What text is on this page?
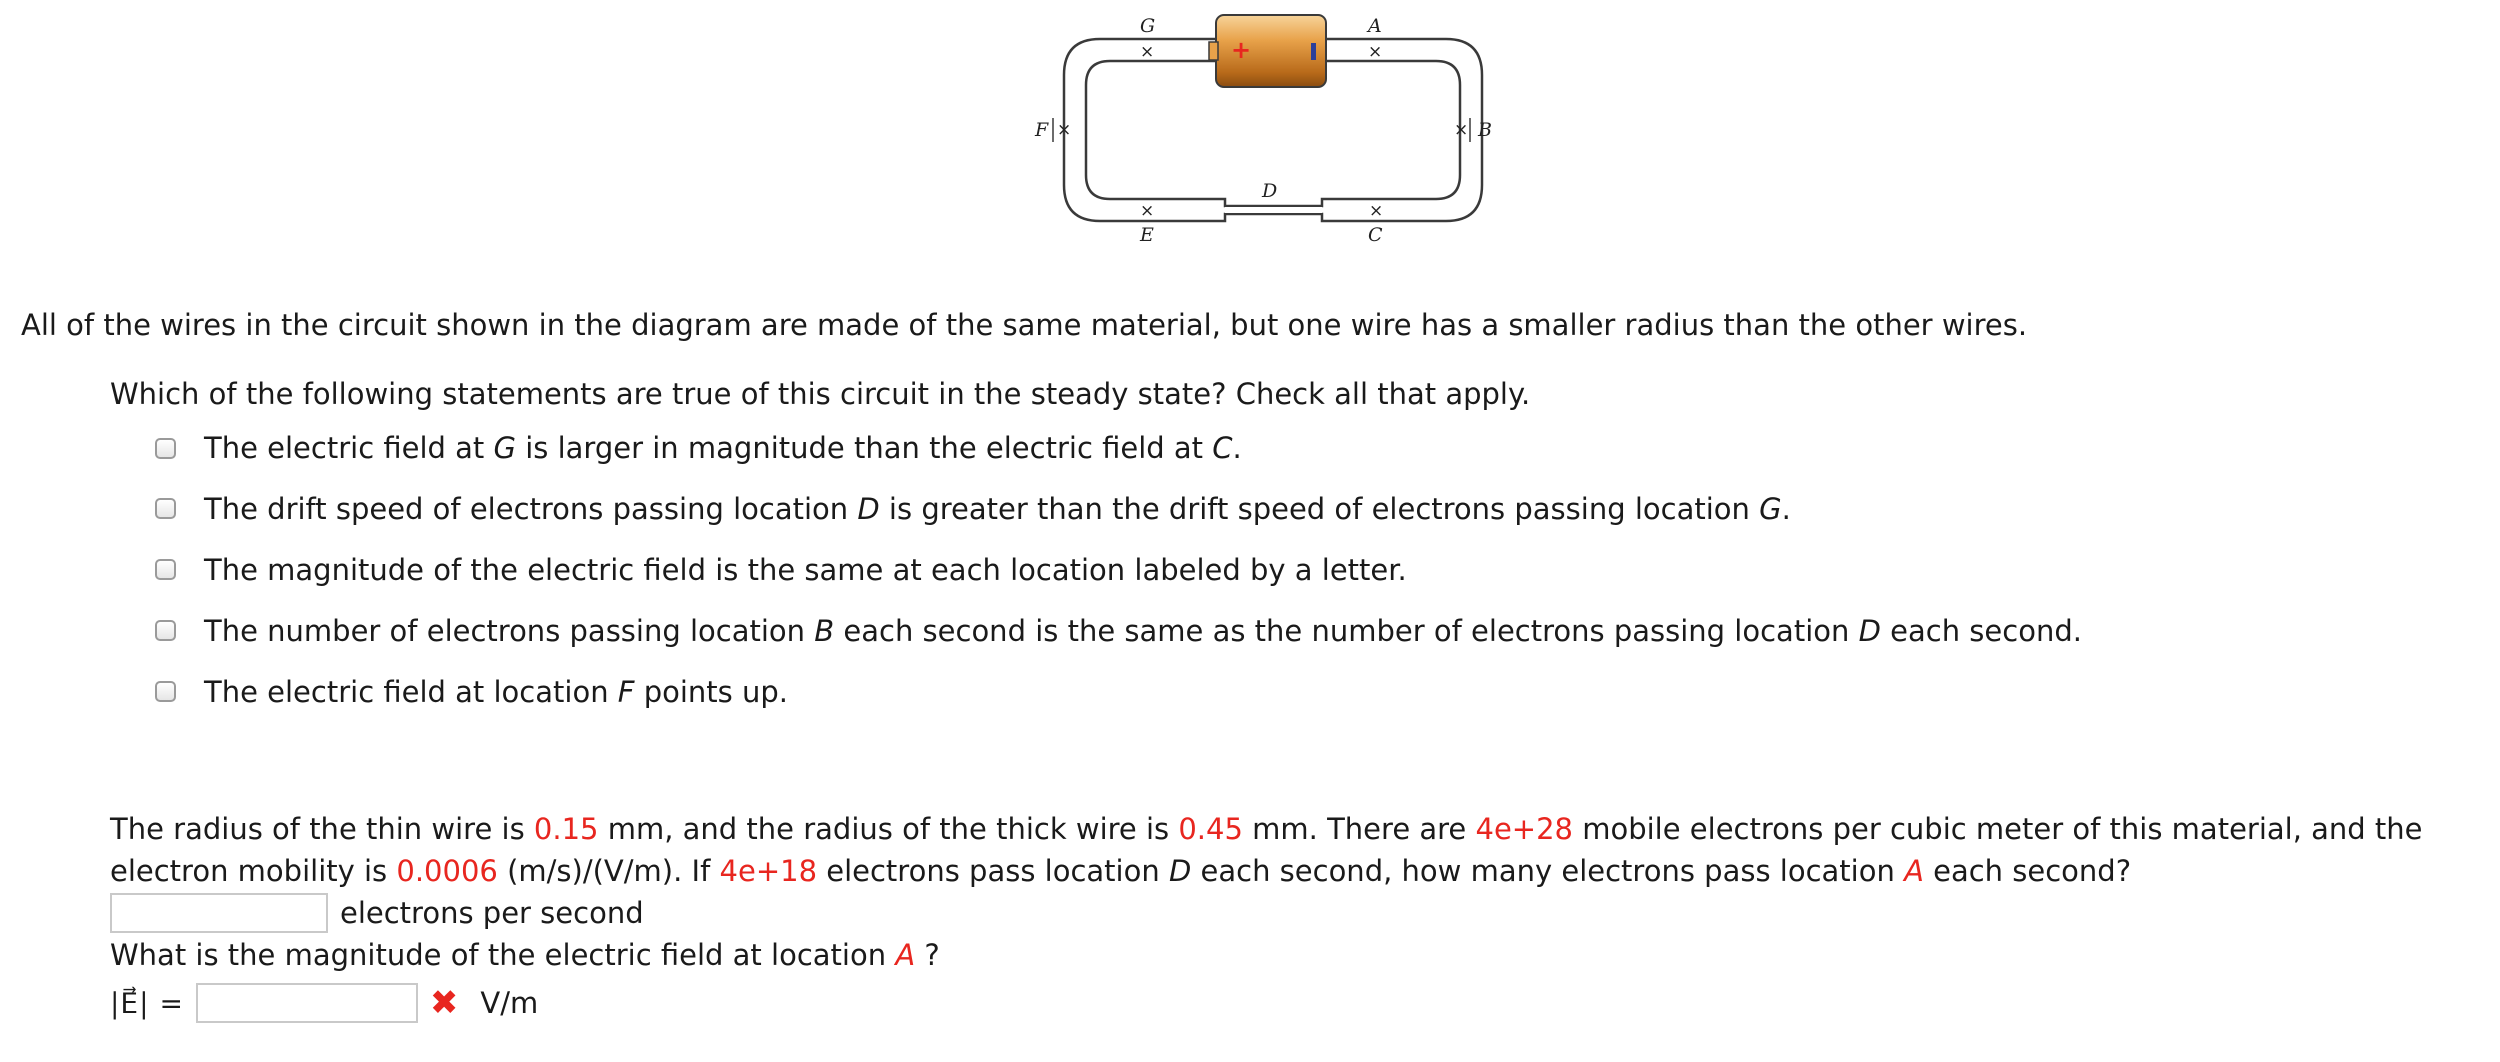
+
G
×
A
×
F ×	× B
D
×
E
×
C
All of the wires in the circuit shown in the diagram are made of the same material, but one wire has a smaller radius than the other wires.
Which of the following statements are true of this circuit in the steady state? Check all that apply.
The electric field at G is larger in magnitude than the electric field at C.
The drift speed of electrons passing location D is greater than the drift speed of electrons passing location G.
The magnitude of the electric field is the same at each location labeled by a letter.
The number of electrons passing location B each second is the same as the number of electrons passing location D each second.
The electric field at location F points up.
The radius of the thin wire is 0.15 mm, and the radius of the thick wire is 0.45 mm. There are 4e+28 mobile electrons per cubic meter of this material, and the electron mobility is 0.0006 (m/s)/(V/m). If 4e+18 electrons pass location D each second, how many electrons pass location A each second?
electrons per second
What is the magnitude of the electric field at location A ?
|E⃗| =	✖ V/m
